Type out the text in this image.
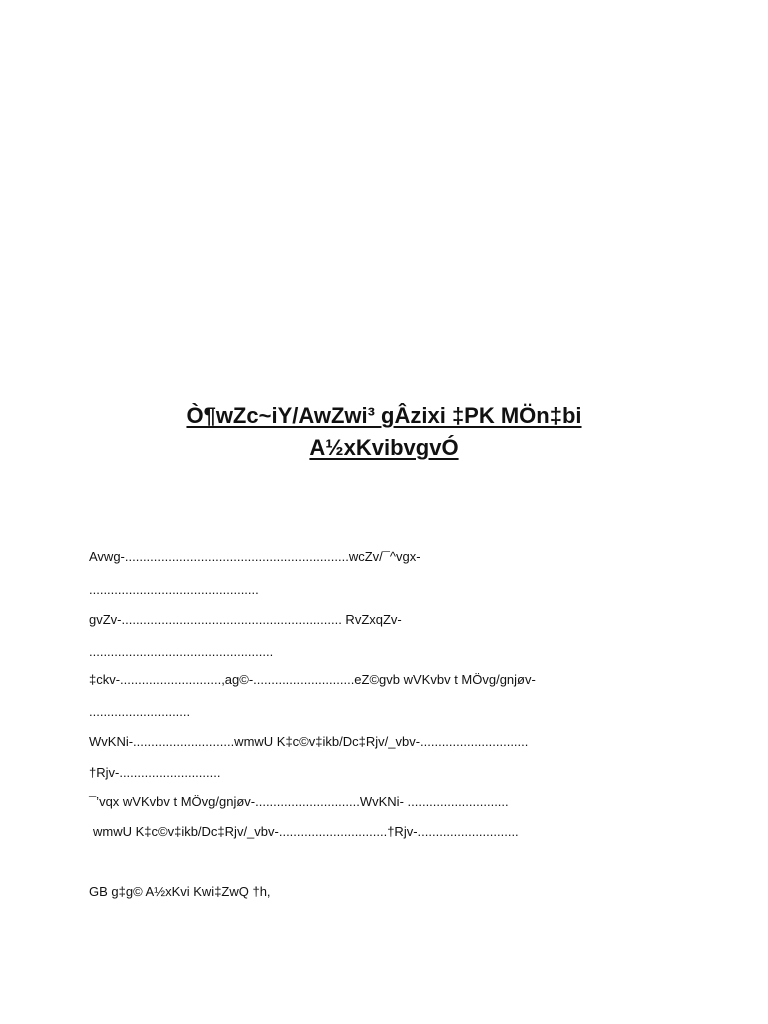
Ò¶wZc~iY/AwZwi³ gÂzixi ‡PK MÖn‡bi
A½xKvibvgvÓ
Avwg-..............................................................wcZv/¯^vgx-
...............................................
gvZv-............................................................. RvZxqZv-
...................................................
‡ckv-............................,ag©-............................eZ©gvb wVKvbv t MÖvg/gnjøv-
............................
WvKNi-............................wmwU K‡c©v‡ikb/Dc‡Rjv/_vbv-..............................
†Rjv-............................
¯’vqx wVKvbv t MÖvg/gnjøv-.............................WvKNi- ............................
wmwU K‡c©v‡ikb/Dc‡Rjv/_vbv-..............................†Rjv-............................
GB g‡g© A½xKvi Kwi‡ZwQ †h,
